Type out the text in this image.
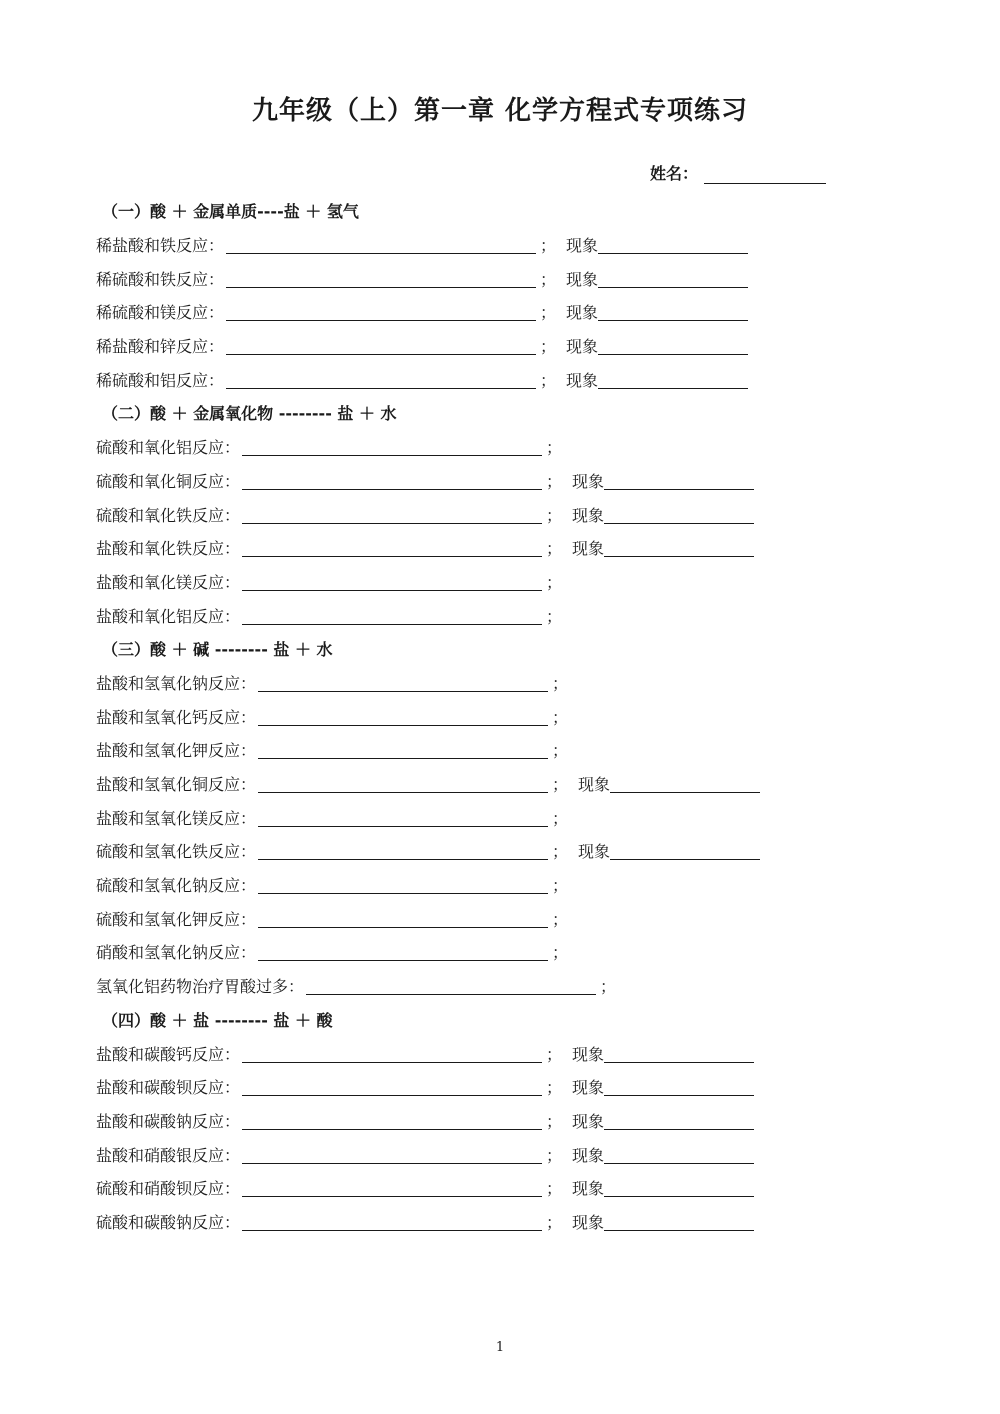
九年级（上）第一章 化学方程式专项练习
姓名：
（一）酸 ＋ 金属单质----盐 ＋ 氢气
稀盐酸和铁反应：	； 现象
稀硫酸和铁反应：	； 现象
稀硫酸和镁反应：	； 现象
稀盐酸和锌反应：	； 现象
稀硫酸和铝反应：	； 现象
（二）酸 ＋ 金属氧化物 -------- 盐 ＋ 水
硫酸和氧化铝反应：	；
硫酸和氧化铜反应：	； 现象
硫酸和氧化铁反应：	； 现象
盐酸和氧化铁反应：	； 现象
盐酸和氧化镁反应：	；
盐酸和氧化铝反应：	；
（三）酸 ＋ 碱 -------- 盐 ＋ 水
盐酸和氢氧化钠反应：	；
盐酸和氢氧化钙反应：	；
盐酸和氢氧化钾反应：	；
盐酸和氢氧化铜反应：	； 现象
盐酸和氢氧化镁反应：	；
硫酸和氢氧化铁反应：	； 现象
硫酸和氢氧化钠反应：	；
硫酸和氢氧化钾反应：	；
硝酸和氢氧化钠反应：	；
氢氧化铝药物治疗胃酸过多：	；
（四）酸 ＋ 盐 -------- 盐 ＋ 酸
盐酸和碳酸钙反应：	； 现象
盐酸和碳酸钡反应：	； 现象
盐酸和碳酸钠反应：	； 现象
盐酸和硝酸银反应：	； 现象
硫酸和硝酸钡反应：	； 现象
硫酸和碳酸钠反应：	； 现象
1
